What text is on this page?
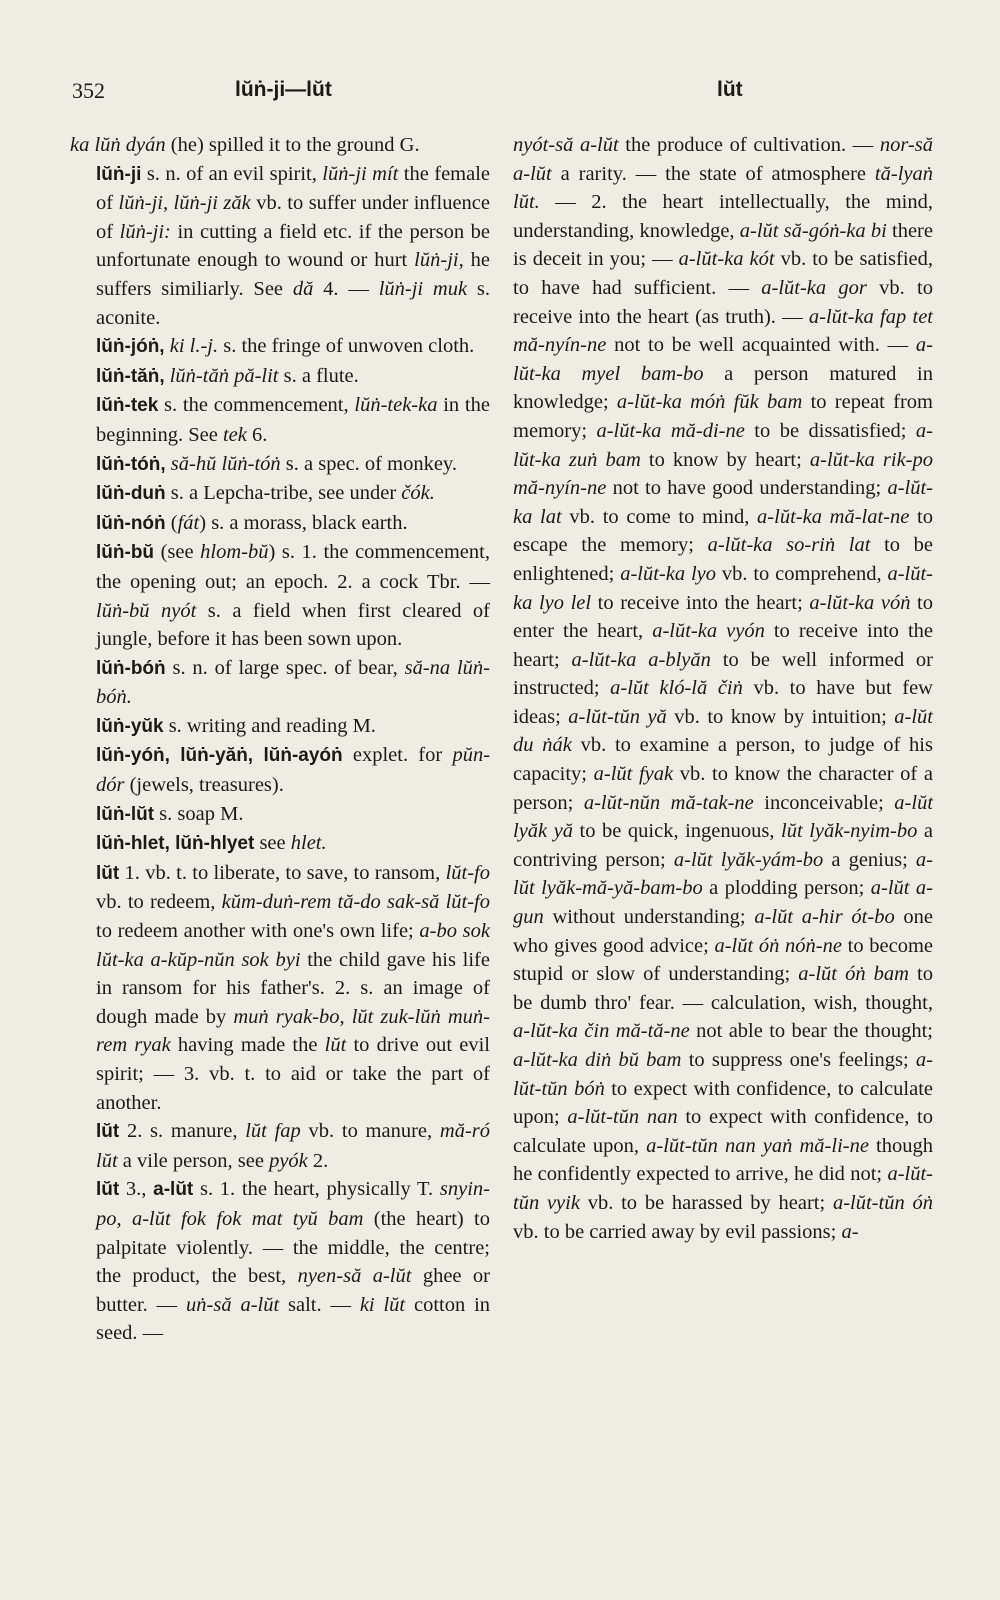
352	lŭṅ-ji—lŭt	lŭt

ka lŭṅ dyán (he) spilled it to the ground G.

lŭṅ-ji s. n. of an evil spirit, lŭṅ-ji mít the female of lŭṅ-ji, lŭṅ-ji zăk vb. to suffer under influence of lŭṅ-ji: in cutting a field etc. if the person be unfortunate enough to wound or hurt lŭṅ-ji, he suffers similiarly. See dă 4. — lŭṅ-ji muk s. aconite.

lŭṅ-jóṅ, ki l.-j. s. the fringe of unwoven cloth.

lŭṅ-tăṅ, lŭṅ-tăṅ pă-lit s. a flute.

lŭṅ-tek s. the commencement, lŭṅ-tek-ka in the beginning. See tek 6.

lŭṅ-tóṅ, să-hŭ lŭṅ-tóṅ s. a spec. of monkey.

lŭṅ-duṅ s. a Lepcha-tribe, see under čók.

lŭṅ-nóṅ (fát) s. a morass, black earth.

lŭṅ-bŭ (see hlom-bŭ) s. 1. the commencement, the opening out; an epoch. 2. a cock Tbr. — lŭṅ-bŭ nyót s. a field when first cleared of jungle, before it has been sown upon.

lŭṅ-bóṅ s. n. of large spec. of bear, să-na lŭṅ-bóṅ.

lŭṅ-yŭk s. writing and reading M.

lŭṅ-yóṅ, lŭṅ-yăṅ, lŭṅ-ayóṅ explet. for pŭn-dór (jewels, treasures).

lŭṅ-lŭt s. soap M.

lŭṅ-hlet, lŭṅ-hlyet see hlet.

lŭt 1. vb. t. to liberate, to save, to ransom, lŭt-fo vb. to redeem, kŭm-duṅ-rem tă-do sak-să lŭt-fo to redeem another with one's own life; a-bo sok lŭt-ka a-kŭp-nŭn sok byi the child gave his life in ransom for his father's. 2. s. an image of dough made by muṅ ryak-bo, lŭt zuk-lŭṅ muṅ-rem ryak having made the lŭt to drive out evil spirit; — 3. vb. t. to aid or take the part of another.

lŭt 2. s. manure, lŭt fap vb. to manure, mă-ró lŭt a vile person, see pyók 2.

lŭt 3., a-lŭt s. 1. the heart, physically T. snyin-po, a-lŭt fok fok mat tyŭ bam (the heart) to palpitate violently. — the middle, the centre; the product, the best, nyen-să a-lŭt ghee or butter. — uṅ-să a-lŭt salt. — ki lŭt cotton in seed. —

nyót-să a-lŭt the produce of cultivation. — nor-să a-lŭt a rarity. — the state of atmosphere tă-lyaṅ lŭt. — 2. the heart intellectually, the mind, understanding, knowledge, a-lŭt să-góṅ-ka bi there is deceit in you; — a-lŭt-ka kót vb. to be satisfied, to have had sufficient. — a-lŭt-ka gor vb. to receive into the heart (as truth). — a-lŭt-ka fap tet mă-nyín-ne not to be well acquainted with. — a-lŭt-ka myel bam-bo a person matured in knowledge; a-lŭt-ka móṅ fŭk bam to repeat from memory; a-lŭt-ka mă-di-ne to be dissatisfied; a-lŭt-ka zuṅ bam to know by heart; a-lŭt-ka rik-po mă-nyín-ne not to have good understanding; a-lŭt-ka lat vb. to come to mind, a-lŭt-ka mă-lat-ne to escape the memory; a-lŭt-ka so-riṅ lat to be enlightened; a-lŭt-ka lyo vb. to comprehend, a-lŭt-ka lyo lel to receive into the heart; a-lŭt-ka vóṅ to enter the heart, a-lŭt-ka vyón to receive into the heart; a-lŭt-ka a-blyăn to be well informed or instructed; a-lŭt kló-lă čiṅ vb. to have but few ideas; a-lŭt-tŭn yă vb. to know by intuition; a-lŭt du ṅák vb. to examine a person, to judge of his capacity; a-lŭt fyak vb. to know the character of a person; a-lŭt-nŭn mă-tak-ne inconceivable; a-lŭt lyăk yă to be quick, ingenuous, lŭt lyăk-nyim-bo a contriving person; a-lŭt lyăk-yám-bo a genius; a-lŭt lyăk-mă-yă-bam-bo a plodding person; a-lŭt a-gun without understanding; a-lŭt a-hir ót-bo one who gives good advice; a-lŭt óṅ nóṅ-ne to become stupid or slow of understanding; a-lŭt óṅ bam to be dumb thro' fear. — calculation, wish, thought, a-lŭt-ka čin mă-tă-ne not able to bear the thought; a-lŭt-ka diṅ bŭ bam to suppress one's feelings; a-lŭt-tŭn bóṅ to expect with confidence, to calculate upon; a-lŭt-tŭn nan to expect with confidence, to calculate upon, a-lŭt-tŭn nan yaṅ mă-li-ne though he confidently expected to arrive, he did not; a-lŭt-tŭn vyik vb. to be harassed by heart; a-lŭt-tŭn óṅ vb. to be carried away by evil passions; a-
